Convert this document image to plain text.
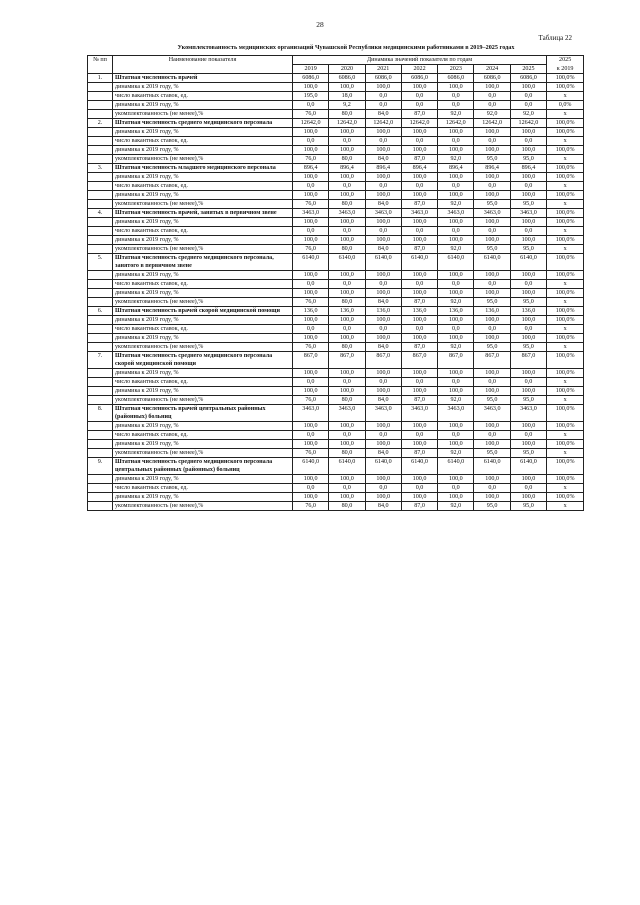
28
Таблица 22
Укомплектованность медицинских организаций Чувашской Республики медицинскими работниками в 2019–2025 годах
№ пп	Наименование показателя	Динамика значений показателя по годам							2025
		2019	2020	2021	2022	2023	2024	2025	к 2019
1.	Штатная численность врачей	6086,0	6086,0	6086,0	6086,0	6086,0	6086,0	6086,0	100,0%
	динамика к 2019 году, %	100,0	100,0	100,0	100,0	100,0	100,0	100,0	100,0%
	число вакантных ставок, ед.	195,0	18,0	0,0	0,0	0,0	0,0	0,0	x
	динамика к 2019 году, %	0,0	9,2	0,0	0,0	0,0	0,0	0,0	0,0%
	укомплектованность (не менее),%	76,0	80,0	84,0	87,0	92,0	92,0	92,0	x
2.	Штатная численность среднего медицинского персонала	12642,0	12642,0	12642,0	12642,0	12642,0	12642,0	12642,0	100,0%
	динамика к 2019 году, %	100,0	100,0	100,0	100,0	100,0	100,0	100,0	100,0%
	число вакантных ставок, ед.	0,0	0,0	0,0	0,0	0,0	0,0	0,0	x
	динамика к 2019 году, %	100,0	100,0	100,0	100,0	100,0	100,0	100,0	100,0%
	укомплектованность (не менее),%	76,0	80,0	84,0	87,0	92,0	95,0	95,0	x
3.	Штатная численность младшего медицинского персонала	896,4	896,4	896,4	896,4	896,4	896,4	896,4	100,0%
	динамика к 2019 году, %	100,0	100,0	100,0	100,0	100,0	100,0	100,0	100,0%
	число вакантных ставок, ед.	0,0	0,0	0,0	0,0	0,0	0,0	0,0	x
	динамика к 2019 году, %	100,0	100,0	100,0	100,0	100,0	100,0	100,0	100,0%
	укомплектованность (не менее),%	76,0	80,0	84,0	87,0	92,0	95,0	95,0	x
4.	Штатная численность врачей, занятых в первичном звене	3463,0	3463,0	3463,0	3463,0	3463,0	3463,0	3463,0	100,0%
	динамика к 2019 году, %	100,0	100,0	100,0	100,0	100,0	100,0	100,0	100,0%
	число вакантных ставок, ед.	0,0	0,0	0,0	0,0	0,0	0,0	0,0	x
	динамика к 2019 году, %	100,0	100,0	100,0	100,0	100,0	100,0	100,0	100,0%
	укомплектованность (не менее),%	76,0	80,0	84,0	87,0	92,0	95,0	95,0	x
5.	Штатная численность среднего медицинского персонала, занятого в первичном звене	6140,0	6140,0	6140,0	6140,0	6140,0	6140,0	6140,0	100,0%
	динамика к 2019 году, %	100,0	100,0	100,0	100,0	100,0	100,0	100,0	100,0%
	число вакантных ставок, ед.	0,0	0,0	0,0	0,0	0,0	0,0	0,0	x
	динамика к 2019 году, %	100,0	100,0	100,0	100,0	100,0	100,0	100,0	100,0%
	укомплектованность (не менее),%	76,0	80,0	84,0	87,0	92,0	95,0	95,0	x
6.	Штатная численность врачей скорой медицинской помощи	136,0	136,0	136,0	136,0	136,0	136,0	136,0	100,0%
	динамика к 2019 году, %	100,0	100,0	100,0	100,0	100,0	100,0	100,0	100,0%
	число вакантных ставок, ед.	0,0	0,0	0,0	0,0	0,0	0,0	0,0	x
	динамика к 2019 году, %	100,0	100,0	100,0	100,0	100,0	100,0	100,0	100,0%
	укомплектованность (не менее),%	76,0	80,0	84,0	87,0	92,0	95,0	95,0	x
7.	Штатная численность среднего медицинского персонала скорой медицинской помощи	867,0	867,0	867,0	867,0	867,0	867,0	867,0	100,0%
	динамика к 2019 году, %	100,0	100,0	100,0	100,0	100,0	100,0	100,0	100,0%
	число вакантных ставок, ед.	0,0	0,0	0,0	0,0	0,0	0,0	0,0	x
	динамика к 2019 году, %	100,0	100,0	100,0	100,0	100,0	100,0	100,0	100,0%
	укомплектованность (не менее),%	76,0	80,0	84,0	87,0	92,0	95,0	95,0	x
8.	Штатная численность врачей центральных районных (районных) больниц	3463,0	3463,0	3463,0	3463,0	3463,0	3463,0	3463,0	100,0%
	динамика к 2019 году, %	100,0	100,0	100,0	100,0	100,0	100,0	100,0	100,0%
	число вакантных ставок, ед.	0,0	0,0	0,0	0,0	0,0	0,0	0,0	x
	динамика к 2019 году, %	100,0	100,0	100,0	100,0	100,0	100,0	100,0	100,0%
	укомплектованность (не менее),%	76,0	80,0	84,0	87,0	92,0	95,0	95,0	x
9.	Штатная численность среднего медицинского персонала центральных районных (районных) больниц	6140,0	6140,0	6140,0	6140,0	6140,0	6140,0	6140,0	100,0%
	динамика к 2019 году, %	100,0	100,0	100,0	100,0	100,0	100,0	100,0	100,0%
	число вакантных ставок, ед.	0,0	0,0	0,0	0,0	0,0	0,0	0,0	x
	динамика к 2019 году, %	100,0	100,0	100,0	100,0	100,0	100,0	100,0	100,0%
	укомплектованность (не менее),%	76,0	80,0	84,0	87,0	92,0	95,0	95,0	x
